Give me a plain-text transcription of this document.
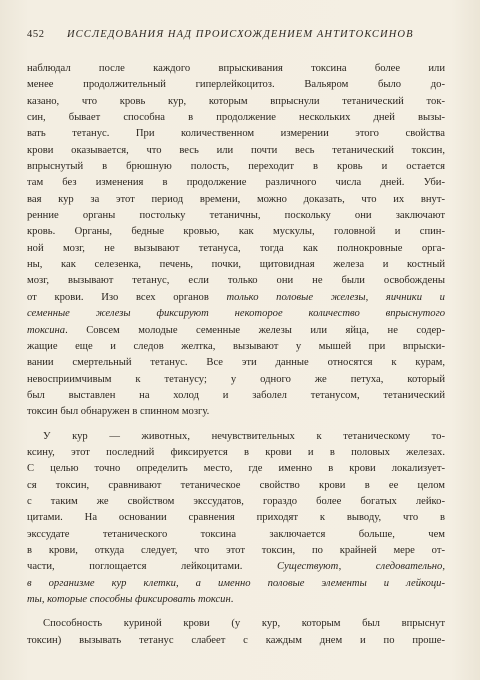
452 ИССЛЕДОВАНИЯ НАД ПРОИСХОЖДЕНИЕМ АНТИТОКСИНОВ

наблюдал после каждого впрыскивания токсина более или
менее продолжительный гиперлейкоцитоз. Вальяром было до-
казано, что кровь кур, которым впрыснули тетанический ток-
син, бывает способна в продолжение нескольких дней вызы-
вать тетанус. При количественном измерении этого свойства
крови оказывается, что весь или почти весь тетанический токсин,
впрыснутый в брюшную полость, переходит в кровь и остается
там без изменения в продолжение различного числа дней. Уби-
вая кур за этот период времени, можно доказать, что их внут-
ренние органы постольку тетаничны, поскольку они заключают
кровь. Органы, бедные кровью, как мускулы, головной и спин-
ной мозг, не вызывают тетануса, тогда как полнокровные орга-
ны, как селезенка, печень, почки, щитовидная железа и костный
мозг, вызывают тетанус, если только они не были освобождены
от крови. Изо всех органов только половые железы, яичники и
семенные железы фиксируют некоторое количество впрыснутого
токсина. Совсем молодые семенные железы или яйца, не содер-
жащие еще и следов желтка, вызывают у мышей при впрыски-
вании смертельный тетанус. Все эти данные относятся к курам,
невосприимчивым к тетанусу; у одного же петуха, который
был выставлен на холод и заболел тетанусом, тетанический
токсин был обнаружен в спинном мозгу.

У кур — животных, нечувствительных к тетаническому то-
ксину, этот последний фиксируется в крови и в половых железах.
С целью точно определить место, где именно в крови локализует-
ся токсин, сравнивают тетаническое свойство крови в ее целом
с таким же свойством экссудатов, гораздо более богатых лейко-
цитами. На основании сравнения приходят к выводу, что в
экссудате тетанического токсина заключается больше, чем
в крови, откуда следует, что этот токсин, по крайней мере от-
части, поглощается лейкоцитами. Существуют, следовательно,
в организме кур клетки, а именно половые элементы и лейкоци-
ты, которые способны фиксировать токсин.

Способность куриной крови (у кур, которым был впрыснут
токсин) вызывать тетанус слабеет с каждым днем и по проше-
